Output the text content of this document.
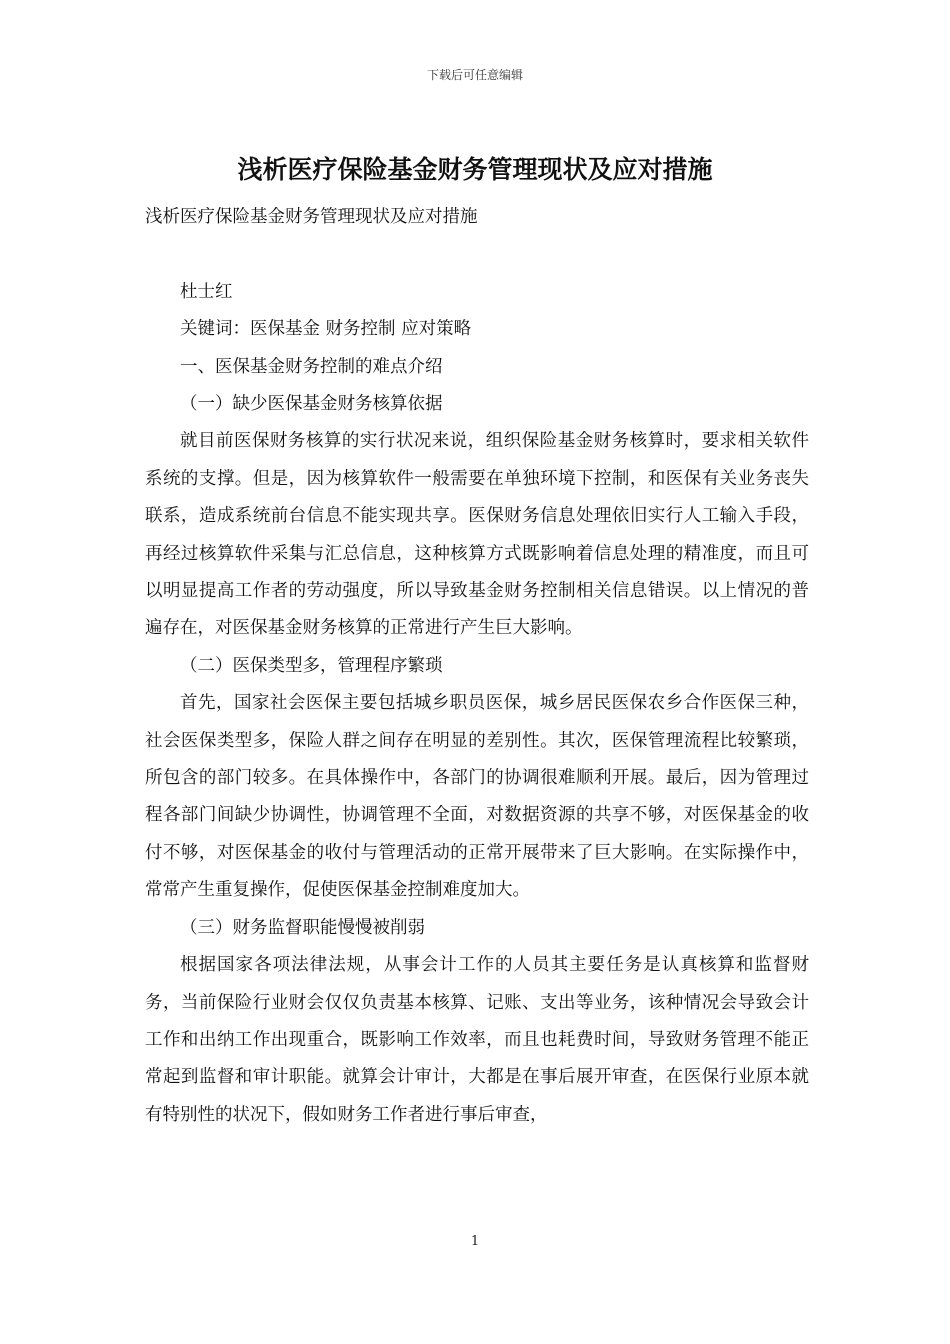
下载后可任意编辑
浅析医疗保险基金财务管理现状及应对措施

浅析医疗保险基金财务管理现状及应对措施

杜士红

关键词：医保基金 财务控制 应对策略

一、医保基金财务控制的难点介绍

（一）缺少医保基金财务核算依据

就目前医保财务核算的实行状况来说，组织保险基金财务核算时，要求相关软件系统的支撑。但是，因为核算软件一般需要在单独环境下控制，和医保有关业务丧失联系，造成系统前台信息不能实现共享。医保财务信息处理依旧实行人工输入手段，再经过核算软件采集与汇总信息，这种核算方式既影响着信息处理的精准度，而且可以明显提高工作者的劳动强度，所以导致基金财务控制相关信息错误。以上情况的普遍存在，对医保基金财务核算的正常进行产生巨大影响。

（二）医保类型多，管理程序繁琐

首先，国家社会医保主要包括城乡职员医保，城乡居民医保农乡合作医保三种，社会医保类型多，保险人群之间存在明显的差别性。其次，医保管理流程比较繁琐，所包含的部门较多。在具体操作中，各部门的协调很难顺利开展。最后，因为管理过程各部门间缺少协调性，协调管理不全面，对数据资源的共享不够，对医保基金的收付不够，对医保基金的收付与管理活动的正常开展带来了巨大影响。在实际操作中，常常产生重复操作，促使医保基金控制难度加大。

（三）财务监督职能慢慢被削弱

根据国家各项法律法规，从事会计工作的人员其主要任务是认真核算和监督财务，当前保险行业财会仅仅负责基本核算、记账、支出等业务，该种情况会导致会计工作和出纳工作出现重合，既影响工作效率，而且也耗费时间，导致财务管理不能正常起到监督和审计职能。就算会计审计，大都是在事后展开审查，在医保行业原本就有特别性的状况下，假如财务工作者进行事后审查，

1
